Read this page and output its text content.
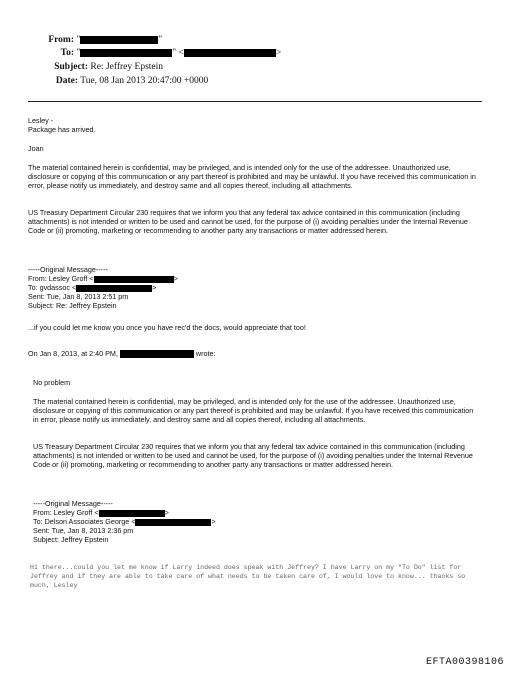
From: "	"
To: "	" <	>
Subject: Re: Jeffrey Epstein
Date: Tue, 08 Jan 2013 20:47:00 +0000

Lesley -

Package has arrived.

Joan
The material contained herein is confidential, may be privileged, and is intended only for the use of the addressee. Unauthorized use, disclosure or copying of this communication or any part thereof is prohibited and may be unlawful. If you have received this communication in error, please notify us immediately, and destroy same and all copies thereof, including all attachments.
US Treasury Department Circular 230 requires that we inform you that any federal tax advice contained in this communication (including attachments) is not intended or written to be used and cannot be used, for the purpose of (i) avoiding penalties under the Internal Revenue Code or (ii) promoting, marketing or recommending to another party any transactions or matter addressed herein.

-----Original Message-----

From: Lesley Groff <	>

To: gvdassoc <	>

Sent: Tue, Jan 8, 2013 2:51 pm

Subject: Re: Jeffrey Epstein

...if you could let me know you once you have rec'd the docs, would appreciate that too!
On Jan 8, 2013, at 2:40 PM,	wrote:
No problem
The material contained herein is confidential, may be privileged, and is intended only for the use of the addressee. Unauthorized use, disclosure or copying of this communication or any part thereof is prohibited and may be unlawful. If you have received this communication in error, please notify us immediately, and destroy same and all copies thereof, including all attachments.
US Treasury Department Circular 230 requires that we inform you that any federal tax advice contained in this communication (including attachments) is not intended or written to be used and cannot be used, for the purpose of (i) avoiding penalties under the Internal Revenue Code or (ii) promoting, marketing or recommending to another party any transactions or matter addressed herein.

-----Original Message-----

From: Lesley Groff <	>

To: Delson Associates George <	>

Sent: Tue, Jan 8, 2013 2:36 pm

Subject: Jeffrey Epstein

Hi there...could you let me know if Larry indeed does speak with Jeffrey? I have Larry on my "To Do" list for Jeffrey and if they are able to take care of what needs to be taken care of, I would love to know... thanks so much, Lesley
EFTA00398106
